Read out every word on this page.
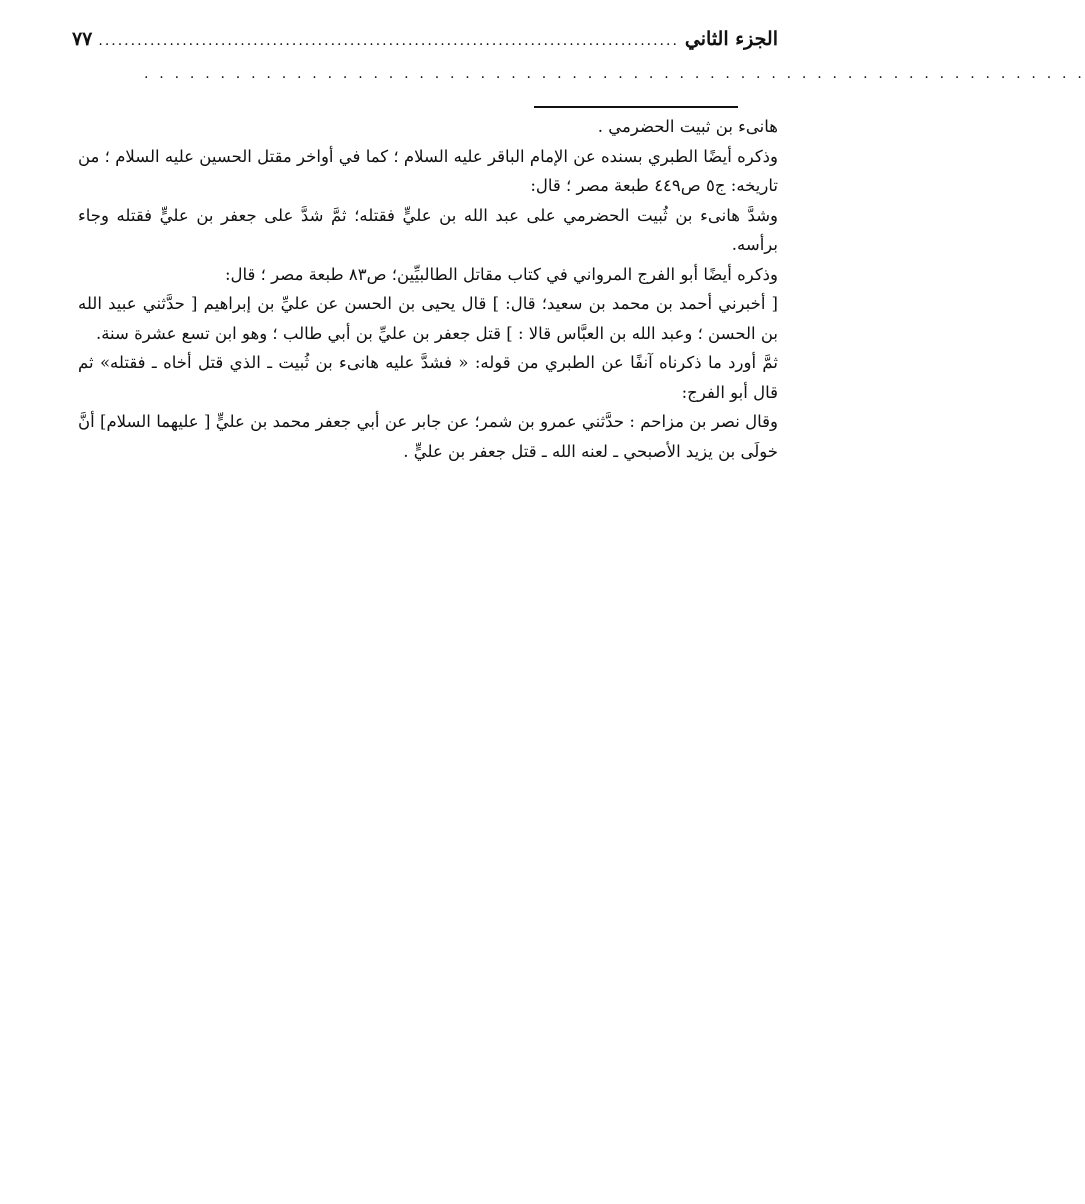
الجزء الثاني
..........................................................................................
٧٧
. . . . . . . . . . . . . . . . . . . . . . . . . . . . . . . . . . . . . . . . . . . . . . . . . . . . . . . . . . . . . .

هانىء بن ثبيت الحضرمي .

وذكره أيضًا الطبري بسنده عن الإمام الباقر عليه السلام ؛ كما في أواخر مقتل الحسين عليه السلام ؛ من تاريخه: ج٥ ص٤٤٩ طبعة مصر ؛ قال:

وشدَّ هانىء بن ثُبيت الحضرمي على عبد الله بن عليٍّ فقتله؛ ثمَّ شدَّ على جعفر بن عليٍّ فقتله وجاء برأسه.

وذكره أيضًا أبو الفرج المرواني في كتاب مقاتل الطالبيِّين؛ ص٨٣ طبعة مصر ؛ قال:

[ أخبرني أحمد بن محمد بن سعيد؛ قال: ] قال يحيى بن الحسن عن عليِّ بن إبراهيم [ حدَّثني عبيد الله بن الحسن ؛ وعبد الله بن العبَّاس قالا : ] قتل جعفر بن عليِّ بن أبي طالب ؛ وهو ابن تسع عشرة سنة.

ثمَّ أورد ما ذكرناه آنفًا عن الطبري من قوله: « فشدَّ عليه هانىء بن ثُبيت ـ الذي قتل أخاه ـ فقتله» ثم قال أبو الفرج:

وقال نصر بن مزاحم : حدَّثني عمرو بن شمر؛ عن جابر عن أبي جعفر محمد بن عليٍّ [ عليهما السلام] أنَّ خولَى بن يزيد الأصبحي ـ لعنه الله ـ قتل جعفر بن عليٍّ .
